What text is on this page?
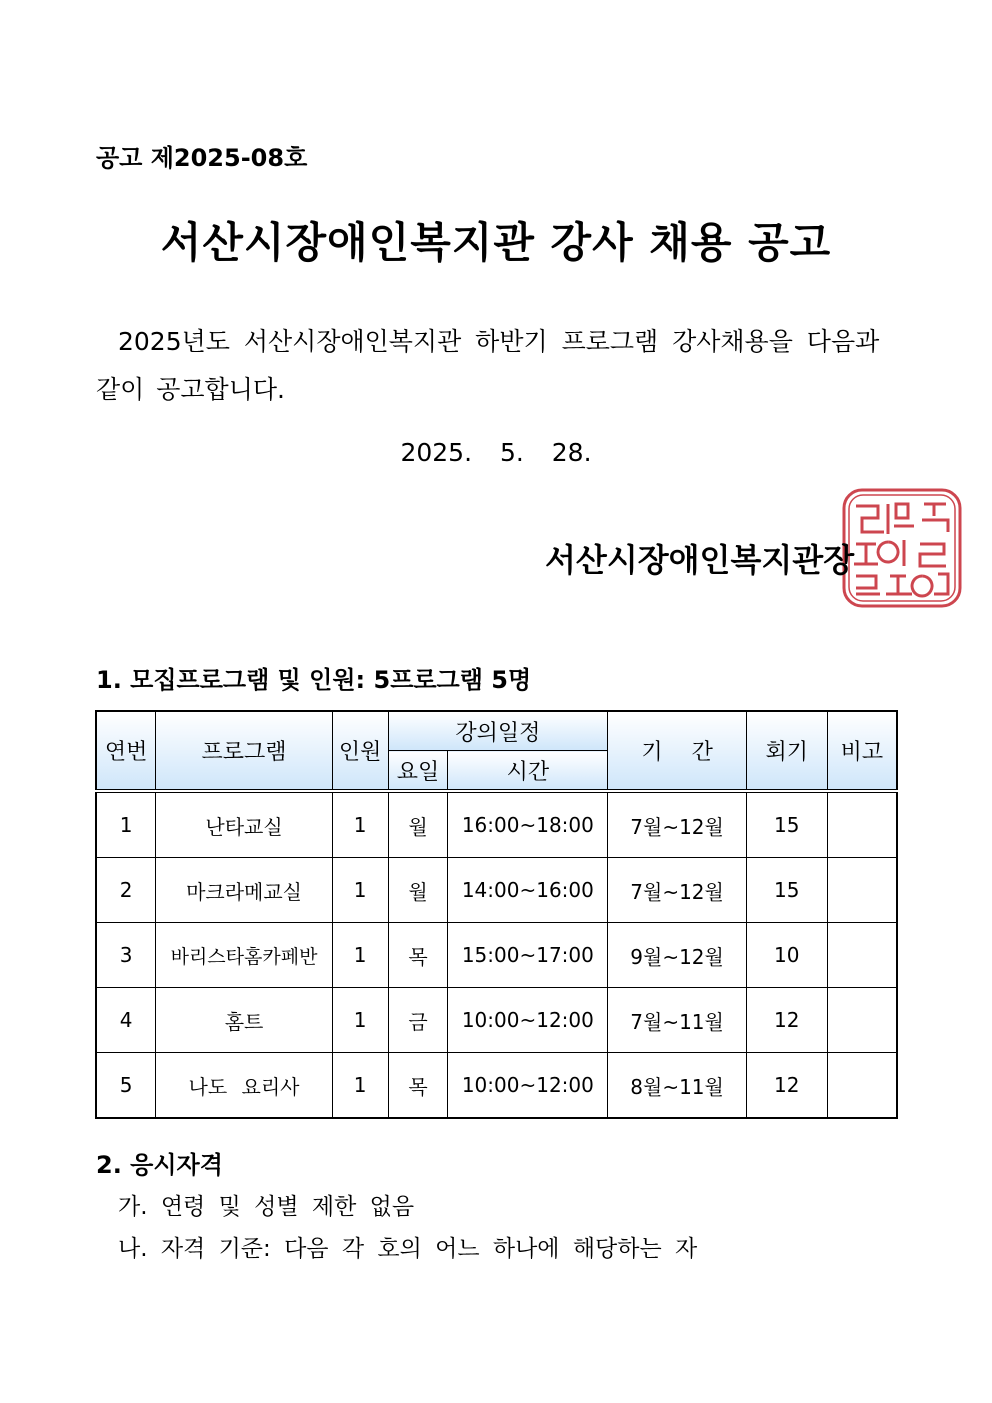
공고 제2025-08호
서산시장애인복지관 강사 채용 공고
2025년도 서산시장애인복지관 하반기 프로그램 강사채용을 다음과
같이 공고합니다.
2025. 5. 28.
서산시장애인복지관장
1. 모집프로그램 및 인원: 5프로그램 5명
연번	프로그램	인원	강의일정		기 간	회기	비고
			요일	시간			
1	난타교실	1	월	16:00~18:00	7월~12월	15	
2	마크라메교실	1	월	14:00~16:00	7월~12월	15	
3	바리스타홈카페반	1	목	15:00~17:00	9월~12월	10	
4	홈트	1	금	10:00~12:00	7월~11월	12	
5	나도 요리사	1	목	10:00~12:00	8월~11월	12	
2. 응시자격
가. 연령 및 성별 제한 없음
나. 자격 기준: 다음 각 호의 어느 하나에 해당하는 자
